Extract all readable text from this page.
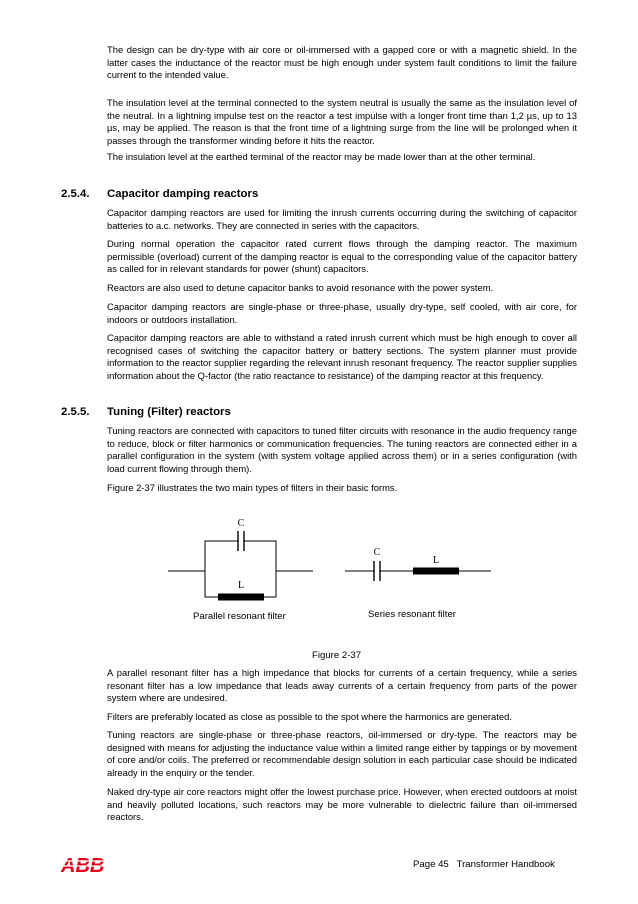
The design can be dry-type with air core or oil-immersed with a gapped core or with a magnetic shield. In the latter cases the inductance of the reactor must be high enough under system fault conditions to limit the failure current to the intended value.

The insulation level at the terminal connected to the system neutral is usually the same as the insulation level of the neutral. In a lightning impulse test on the reactor a test impulse with a longer front time than 1,2 µs, up to 13 µs, may be applied. The reason is that the front time of a lightning surge from the line will be prolonged when it passes through the transformer winding before it hits the reactor.

The insulation level at the earthed terminal of the reactor may be made lower than at the other terminal.

2.5.4. Capacitor damping reactors

Capacitor damping reactors are used for limiting the inrush currents occurring during the switching of capacitor batteries to a.c. networks. They are connected in series with the capacitors.

During normal operation the capacitor rated current flows through the damping reactor. The maximum permissible (overload) current of the damping reactor is equal to the corresponding value of the capacitor battery as called for in relevant standards for power (shunt) capacitors.

Reactors are also used to detune capacitor banks to avoid resonance with the power system.

Capacitor damping reactors are single-phase or three-phase, usually dry-type, self cooled, with air core, for indoors or outdoors installation.

Capacitor damping reactors are able to withstand a rated inrush current which must be high enough to cover all recognised cases of switching the capacitor battery or battery sections. The system planner must provide information to the reactor supplier regarding the relevant inrush resonant frequency. The reactor supplier supplies information about the Q-factor (the ratio reactance to resistance) of the damping reactor at this frequency.

2.5.5. Tuning (Filter) reactors

Tuning reactors are connected with capacitors to tuned filter circuits with resonance in the audio frequency range to reduce, block or filter harmonics or communication frequencies. The tuning reactors are connected either in a parallel configuration in the system (with system voltage applied across them) or in a series configuration (with load current flowing through them).

Figure 2-37 illustrates the two main types of filters in their basic forms.

C
L
C
L

Parallel resonant filter	Series resonant filter

Figure 2-37

A parallel resonant filter has a high impedance that blocks for currents of a certain frequency, while a series resonant filter has a low impedance that leads away currents of a certain frequency from parts of the power system where are undesired.

Filters are preferably located as close as possible to the spot where the harmonics are generated.

Tuning reactors are single-phase or three-phase reactors, oil-immersed or dry-type. The reactors may be designed with means for adjusting the inductance value within a limited range either by tappings or by movement of core and/or coils. The preferred or recommendable design solution in each particular case should be indicated already in the enquiry or the tender.

Naked dry-type air core reactors might offer the lowest purchase price. However, when erected outdoors at moist and heavily polluted locations, such reactors may be more vulnerable to dielectric failure than oil-immersed reactors.

ABB	Page 45   Transformer Handbook
